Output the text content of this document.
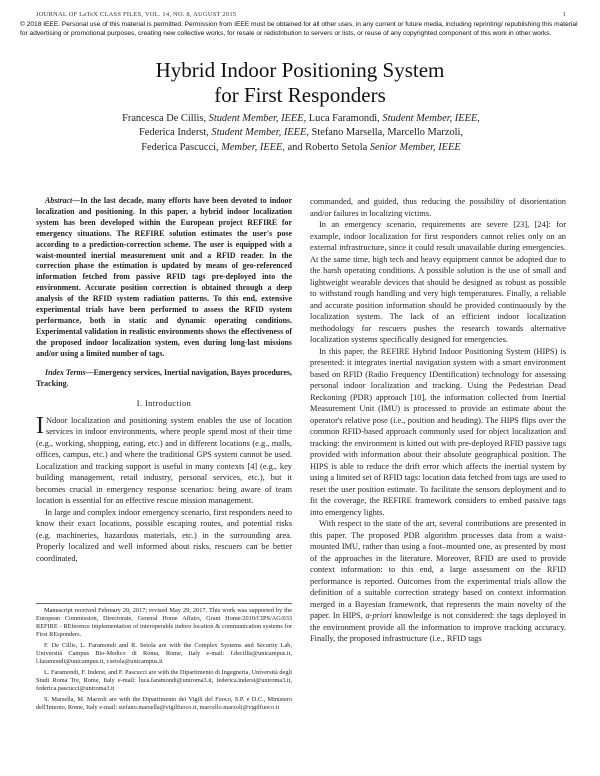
JOURNAL OF LaTeX CLASS FILES, VOL. 14, NO. 8, AUGUST 2015	1
© 2018 IEEE. Personal use of this material is permitted. Permission from IEEE must be obtained for all other uses, in any current or future media, including reprinting/ republishing this material for advertising or promotional purposes, creating new collective works, for resale or redistribution to servers or lists, or reuse of any copyrighted component of this work in other works.
Hybrid Indoor Positioning System
for First Responders
Francesca De Cillis, Student Member, IEEE, Luca Faramondi, Student Member, IEEE,
Federica Inderst, Student Member, IEEE, Stefano Marsella, Marcello Marzoli,
Federica Pascucci, Member, IEEE, and Roberto Setola Senior Member, IEEE

Abstract—In the last decade, many efforts have been devoted to indoor localization and positioning. In this paper, a hybrid indoor localization system has been developed within the European project REFIRE for emergency situations. The REFIRE solution estimates the user's pose according to a prediction-correction scheme. The user is equipped with a waist-mounted inertial measurement unit and a RFID reader. In the correction phase the estimation is updated by means of geo-referenced information fetched from passive RFID tags pre-deployed into the environment. Accurate position correction is obtained through a deep analysis of the RFID system radiation patterns. To this end, extensive experimental trials have been performed to assess the RFID system performance, both in static and dynamic operating conditions. Experimental validation in realistic environments shows the effectiveness of the proposed indoor localization system, even during long-last missions and/or using a limited number of tags.

Index Terms—Emergency services, Inertial navigation, Bayes procedures, Tracking.

I. Introduction

I Ndoor localization and positioning system enables the use of location services in indoor environments, where people spend most of their time (e.g., working, shopping, eating, etc.) and in different locations (e.g., malls, offices, campus, etc.) and where the traditional GPS system cannot be used. Localization and tracking support is useful in many contexts [4] (e.g., key building management, retail industry, personal services, etc.), but it becomes crucial in emergency response scenarios: being aware of team location is essential for an effective rescue mission management.

In large and complex indoor emergency scenario, first responders need to know their exact locations, possible escaping routes, and potential risks (e.g. machineries, hazardous materials, etc.) in the surrounding area. Properly localized and well informed about risks, rescuers can be better coordinated,

Manuscript received February 20, 2017; revised May 29, 2017. This work was supported by the European Commission, Directorate, General Home Affairs, Grant Home/2010/CIPS/AG/033 REFIRE - REference implementation of interoperable indoor location & communication systems for First REsponders.

F. De Cillis, L. Faramondi and R. Setola are with the Complex Systems and Security Lab, Università Campus Bio-Medico di Roma, Rome, Italy e-mail: f.decillis@unicampus.it, l.faramondi@unicampus.it, r.setola@unicampus.it

L. Faramondi, F. Inderst, and F. Pascucci are with the Dipartimento di Ingegneria, Università degli Studi Roma Tre, Rome, Italy e-mail: luca.faramondi@uniroma3.it, federica.inderst@uniroma3.it, federica.pascucci@uniroma3.it

S. Marsella, M. Marzoli are with the Dipartimento dei Vigili del Fuoco, S.P. e D.C., Ministero dell'Interno, Rome, Italy e-mail: stefano.marsella@vigilfuoco.it, marcello.marzoli@vigilfuoco.it

commanded, and guided, thus reducing the possibility of disorientation and/or failures in localizing victims.

In an emergency scenario, requirements are severe [23], [24]: for example, indoor localization for first responders cannot relies only on an external infrastructure, since it could result unavailable during emergencies. At the same time, high tech and heavy equipment cannot be adopted due to the harsh operating conditions. A possible solution is the use of small and lightweight wearable devices that should be designed as robust as possible to withstand rough handling and very high temperatures. Finally, a reliable and accurate position information should be provided continuously by the localization system. The lack of an efficient indoor localization methodology for rescuers pushes the research towards alternative localization systems specifically designed for emergencies.

In this paper, the REFIRE Hybrid Indoor Positioning System (HIPS) is presented: it integrates inertial navigation system with a smart environment based on RFID (Radio Frequency IDentification) technology for assessing personal indoor localization and tracking. Using the Pedestrian Dead Reckoning (PDR) approach [10], the information collected from Inertial Measurement Unit (IMU) is processed to provide an estimate about the operator's relative pose (i.e., position and heading). The HIPS flips over the common RFID-based approach commonly used for object localization and tracking: the environment is kitted out with pre-deployed RFID passive tags provided with information about their absolute geographical position. The HIPS is able to reduce the drift error which affects the inertial system by using a limited set of RFID tags: location data fetched from tags are used to reset the user position estimate. To facilitate the sensors deployment and to fit the coverage, the REFIRE framework considers to embed passive tags into emergency lights.

With respect to the state of the art, several contributions are presented in this paper. The proposed PDR algorithm processes data from a waist-mounted IMU, rather than using a foot–mounted one, as presented by most of the approaches in the literature. Moreover, RFID are used to provide context information: to this end, a large assessment on the RFID performance is reported. Outcomes from the experimental trials allow the definition of a suitable correction strategy based on context information merged in a Bayesian framework, that represents the main novelty of the paper. In HIPS, a-priori knowledge is not considered: the tags deployed in the environment provide all the information to improve tracking accuracy. Finally, the proposed infrastructure (i.e., RFID tags
